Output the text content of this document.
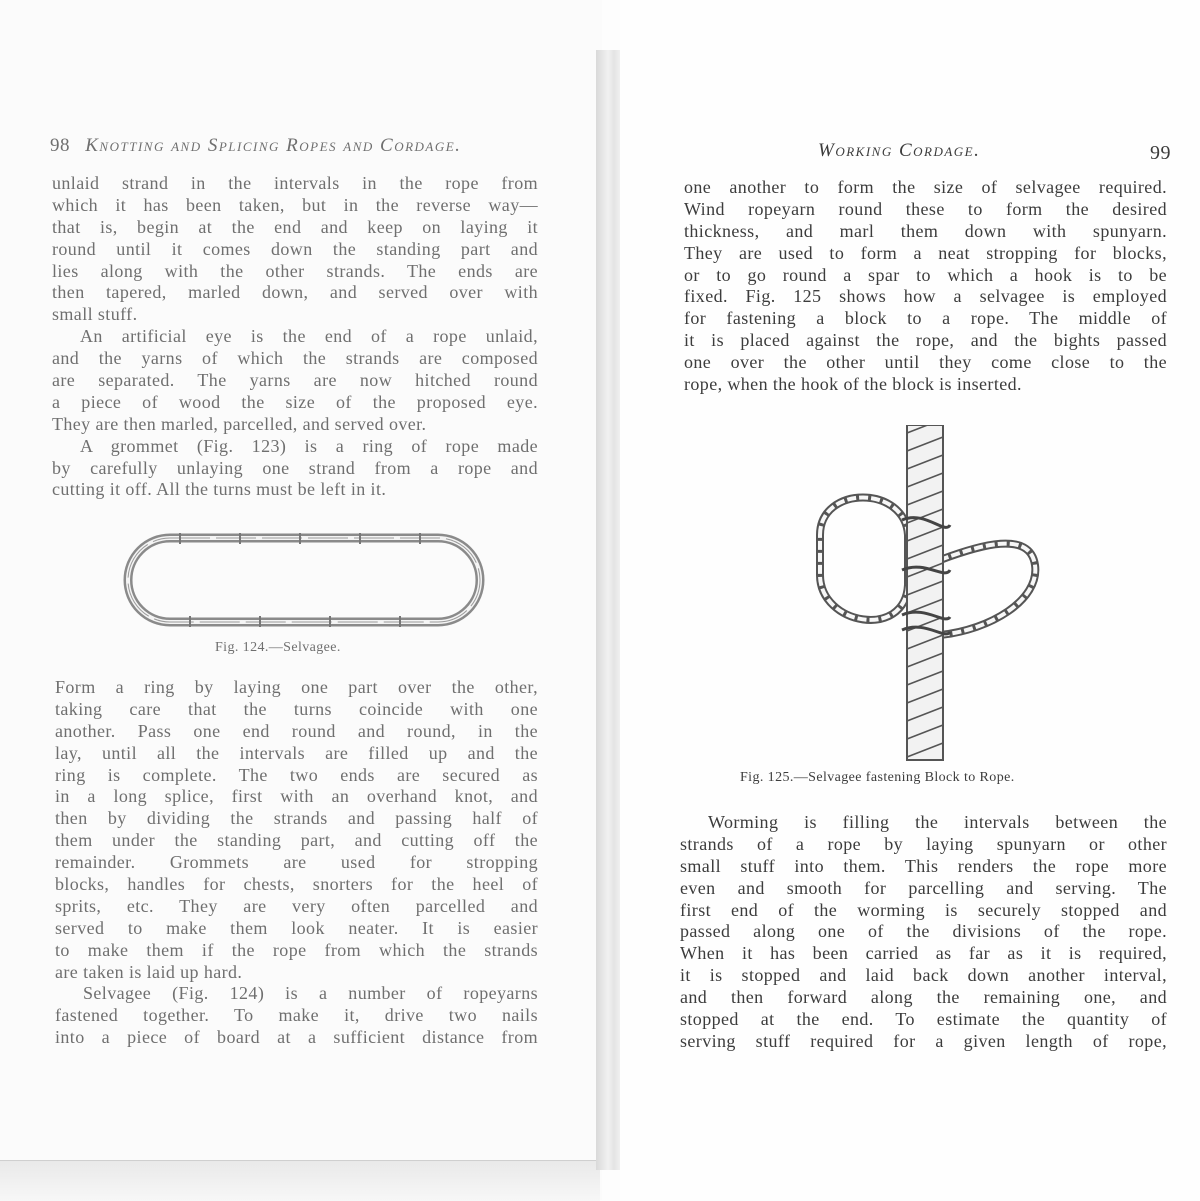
98 Knotting and Splicing Ropes and Cordage.
unlaid strand in the intervals in the rope from
which it has been taken, but in the reverse way—
that is, begin at the end and keep on laying it
round until it comes down the standing part and
lies along with the other strands. The ends are
then tapered, marled down, and served over with
small stuff.
An artificial eye is the end of a rope unlaid,
and the yarns of which the strands are composed
are separated. The yarns are now hitched round
a piece of wood the size of the proposed eye.
They are then marled, parcelled, and served over.
A grommet (Fig. 123) is a ring of rope made
by carefully unlaying one strand from a rope and
cutting it off. All the turns must be left in it.
Fig. 124.—Selvagee.
Form a ring by laying one part over the other,
taking care that the turns coincide with one
another. Pass one end round and round, in the
lay, until all the intervals are filled up and the
ring is complete. The two ends are secured as
in a long splice, first with an overhand knot, and
then by dividing the strands and passing half of
them under the standing part, and cutting off the
remainder. Grommets are used for stropping
blocks, handles for chests, snorters for the heel of
sprits, etc. They are very often parcelled and
served to make them look neater. It is easier
to make them if the rope from which the strands
are taken is laid up hard.
Selvagee (Fig. 124) is a number of ropeyarns
fastened together. To make it, drive two nails
into a piece of board at a sufficient distance from
Working Cordage.	99
one another to form the size of selvagee required.
Wind ropeyarn round these to form the desired
thickness, and marl them down with spunyarn.
They are used to form a neat stropping for blocks,
or to go round a spar to which a hook is to be
fixed. Fig. 125 shows how a selvagee is employed
for fastening a block to a rope. The middle of
it is placed against the rope, and the bights passed
one over the other until they come close to the
rope, when the hook of the block is inserted.
Fig. 125.—Selvagee fastening Block to Rope.
Worming is filling the intervals between the
strands of a rope by laying spunyarn or other
small stuff into them. This renders the rope more
even and smooth for parcelling and serving. The
first end of the worming is securely stopped and
passed along one of the divisions of the rope.
When it has been carried as far as it is required,
it is stopped and laid back down another interval,
and then forward along the remaining one, and
stopped at the end. To estimate the quantity of
serving stuff required for a given length of rope,
